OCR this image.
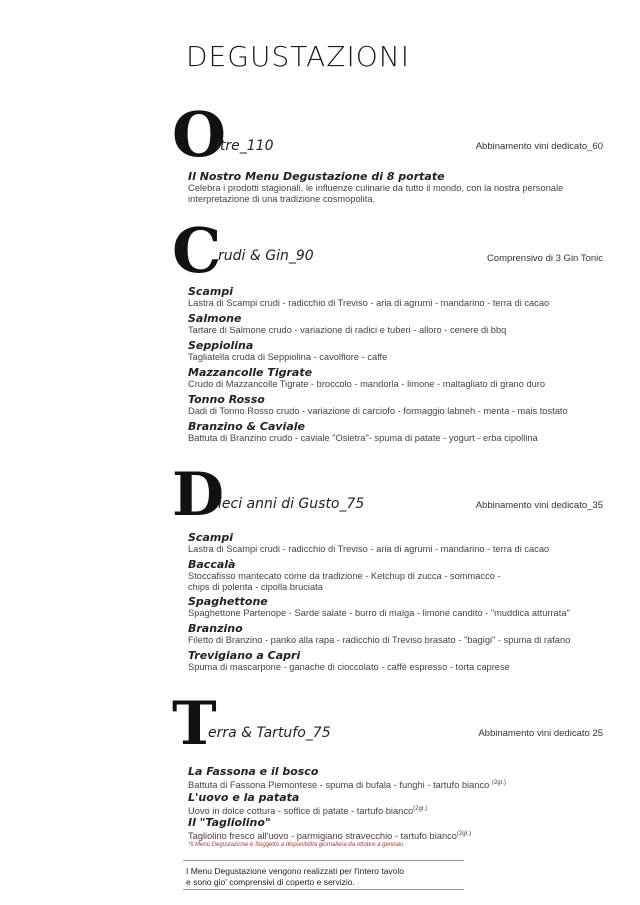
DEGUSTAZIONI
O
ltre_110	Abbinamento vini dedicato_60
Il Nostro Menu Degustazione di 8 portate
Celebra i prodotti stagionali, le influenze culinarie da tutto il mondo, con la nostra personale interpretazione di una tradizione cosmopolita.
C
rudi & Gin_90	Comprensivo di 3 Gin Tonic
Scampi
Lastra di Scampi crudi - radicchio di Treviso - aria di agrumi - mandarino - terra di cacao
Salmone
Tartare di Salmone crudo - variazione di radici e tuberi - alloro - cenere di bbq
Seppiolina
Tagliatella cruda di Seppiolina - cavolfiore - caffe
Mazzancolle Tigrate
Crudo di Mazzancolle Tigrate - broccolo - mandorla - limone - maltagliato di grano duro
Tonno Rosso
Dadi di Tonno Rosso crudo - variazione di carciofo - formaggio labneh - menta - mais tostato
Branzino & Caviale
Battuta di Branzino crudo - caviale "Osietra"- spuma di patate - yogurt - erba cipollina
D
ieci anni di Gusto_75	Abbinamento vini dedicato_35
Scampi
Lastra di Scampi crudi - radicchio di Treviso - aria di agrumi - mandarino - terra di cacao
Baccalà
Stoccafisso mantecato come da tradizione - Ketchup di zucca - sommacco -
chips di polenta - cipolla bruciata
Spaghettone
Spaghettone Partenope - Sarde salate - burro di malga - limone candito - "muddica atturrata"
Branzino
Filetto di Branzino - panko alla rapa - radicchio di Treviso brasato - "bagigi" - spuma di rafano
Trevigiano a Capri
Spuma di mascarpone - ganache di cioccolato - caffè espresso - torta caprese
T
erra & Tartufo_75	Abbinamento vini dedicato 25
La Fassona e il bosco
Battuta di Fassona Piemontese - spuma di bufala - funghi - tartufo bianco $^{(2gr.)}$
L'uovo e la patata
Uovo in dolce cottura - soffice di patate - tartufo bianco$^{(2gr.)}$
Il "Tagliolino"
Tagliolino fresco all'uovo - parmigiano stravecchio - tartufo bianco$^{(2gr.)}$
*Il Menù Degustazione è Soggetto a disponibilità giornaliera da ottobre a gennaio
I Menu Degustazione vengono realizzati per l'intero tavolo
e sono gio' comprensivi di coperto e servizio.
